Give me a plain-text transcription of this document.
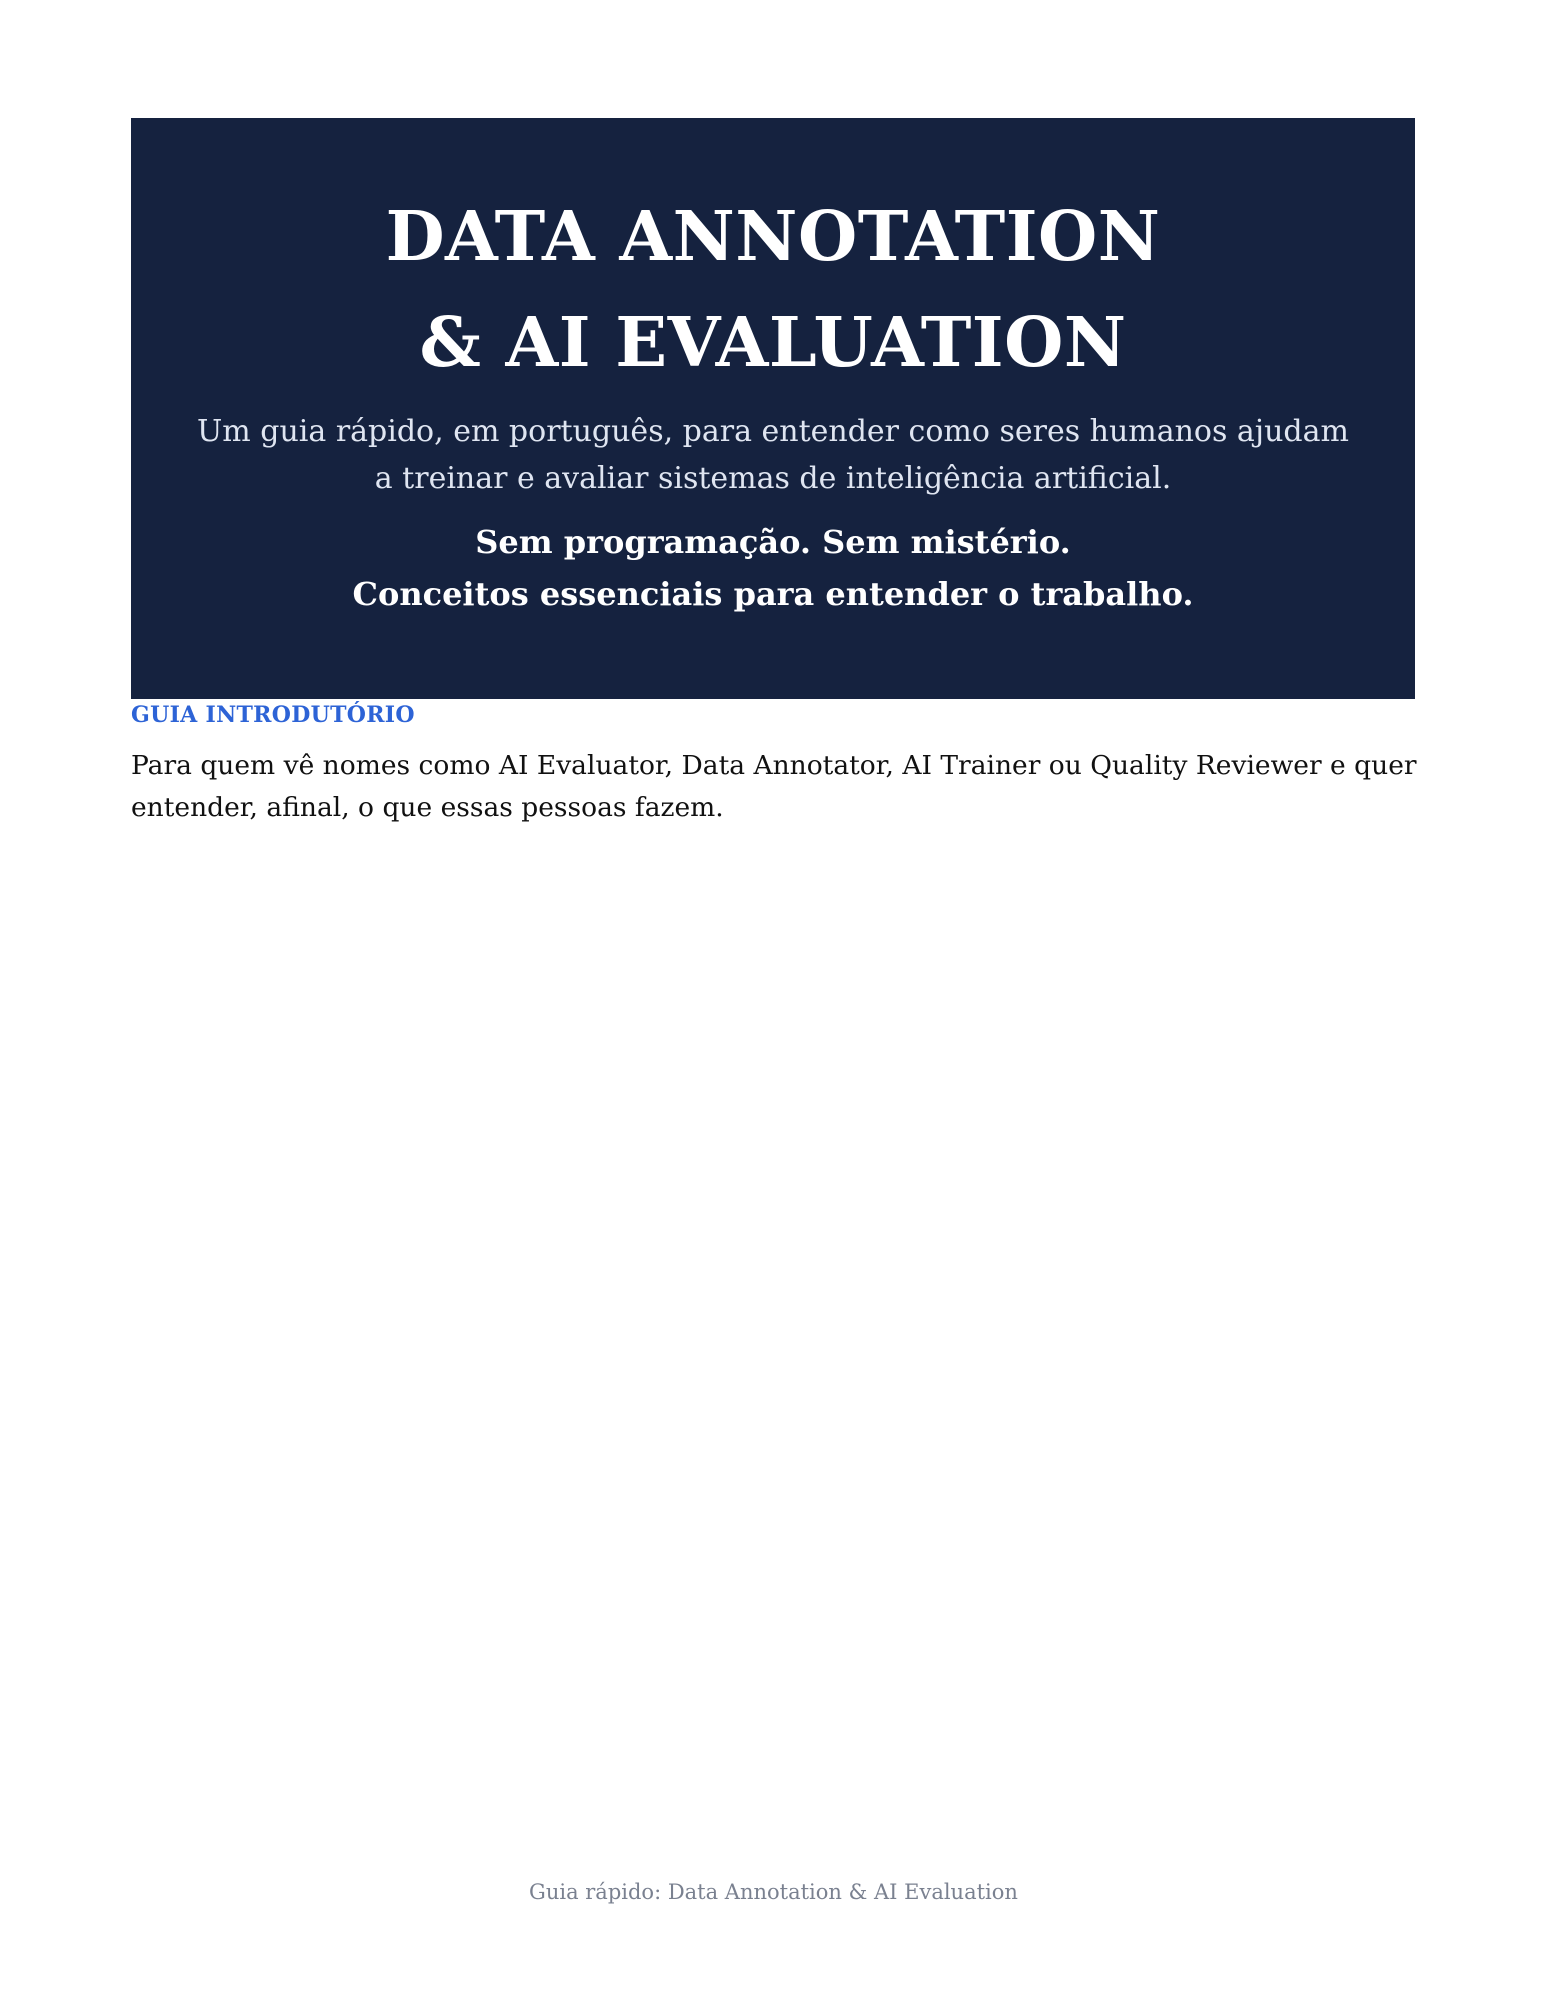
DATA ANNOTATION
& AI EVALUATION

Um guia rápido, em português, para entender como seres humanos ajudam a treinar e avaliar sistemas de inteligência artificial.

Sem programação. Sem mistério.
Conceitos essenciais para entender o trabalho.

GUIA INTRODUTÓRIO

Para quem vê nomes como AI Evaluator, Data Annotator, AI Trainer ou Quality Reviewer e quer entender, afinal, o que essas pessoas fazem.

Guia rápido: Data Annotation & AI Evaluation
